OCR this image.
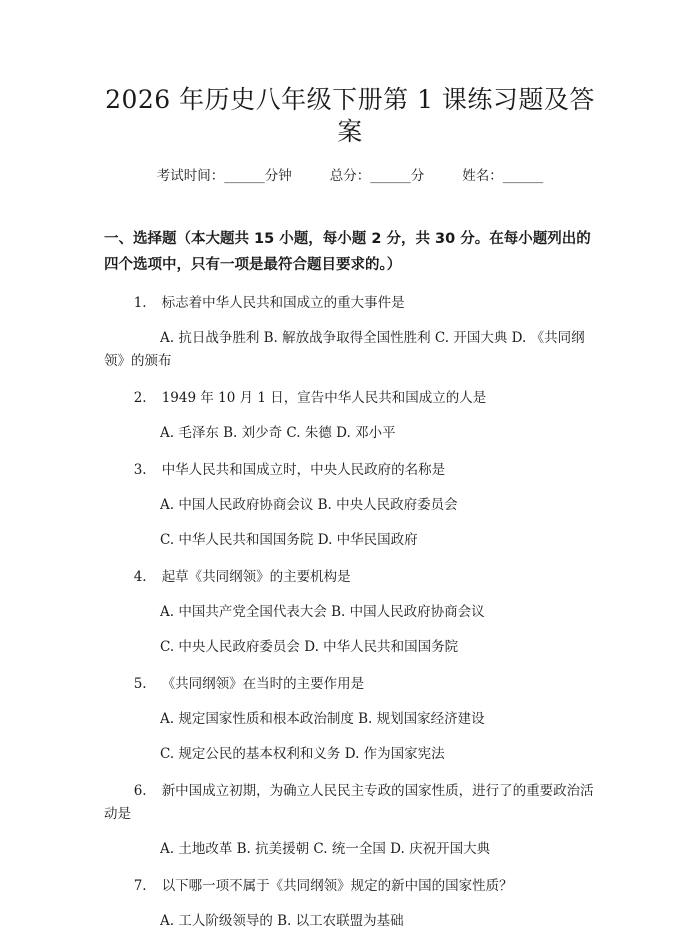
2026 年历史八年级下册第 1 课练习题及答案
考试时间：______分钟	总分：______分	姓名：______
一、选择题（本大题共 15 小题，每小题 2 分，共 30 分。在每小题列出的四个选项中，只有一项是最符合题目要求的。）
1. 标志着中华人民共和国成立的重大事件是
A. 抗日战争胜利 B. 解放战争取得全国性胜利 C. 开国大典 D. 《共同纲领》的颁布
2. 1949 年 10 月 1 日，宣告中华人民共和国成立的人是
A. 毛泽东 B. 刘少奇 C. 朱德 D. 邓小平
3. 中华人民共和国成立时，中央人民政府的名称是
A. 中国人民政府协商会议 B. 中央人民政府委员会
C. 中华人民共和国国务院 D. 中华民国政府
4. 起草《共同纲领》的主要机构是
A. 中国共产党全国代表大会 B. 中国人民政府协商会议
C. 中央人民政府委员会 D. 中华人民共和国国务院
5. 《共同纲领》在当时的主要作用是
A. 规定国家性质和根本政治制度 B. 规划国家经济建设
C. 规定公民的基本权利和义务 D. 作为国家宪法
6. 新中国成立初期，为确立人民民主专政的国家性质，进行了的重要政治活动是
A. 土地改革 B. 抗美援朝 C. 统一全国 D. 庆祝开国大典
7. 以下哪一项不属于《共同纲领》规定的新中国的国家性质？
A. 工人阶级领导的 B. 以工农联盟为基础
